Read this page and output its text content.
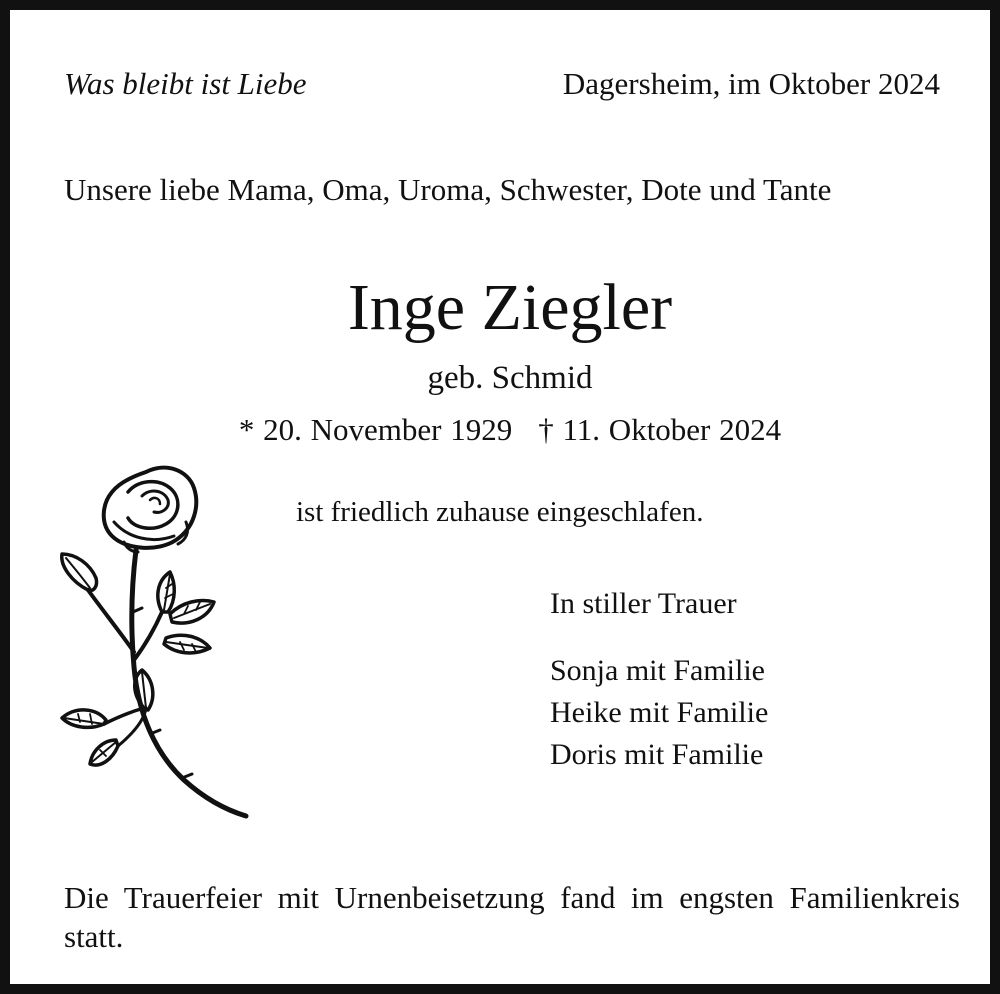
Was bleibt ist Liebe	Dagersheim, im Oktober 2024
Unsere liebe Mama, Oma, Uroma, Schwester, Dote und Tante
Inge Ziegler
geb. Schmid
* 20. November 1929 † 11. Oktober 2024
ist friedlich zuhause eingeschlafen.
In stiller Trauer
Sonja mit Familie
Heike mit Familie
Doris mit Familie
Die Trauerfeier mit Urnenbeisetzung fand im engsten Familienkreis statt.
